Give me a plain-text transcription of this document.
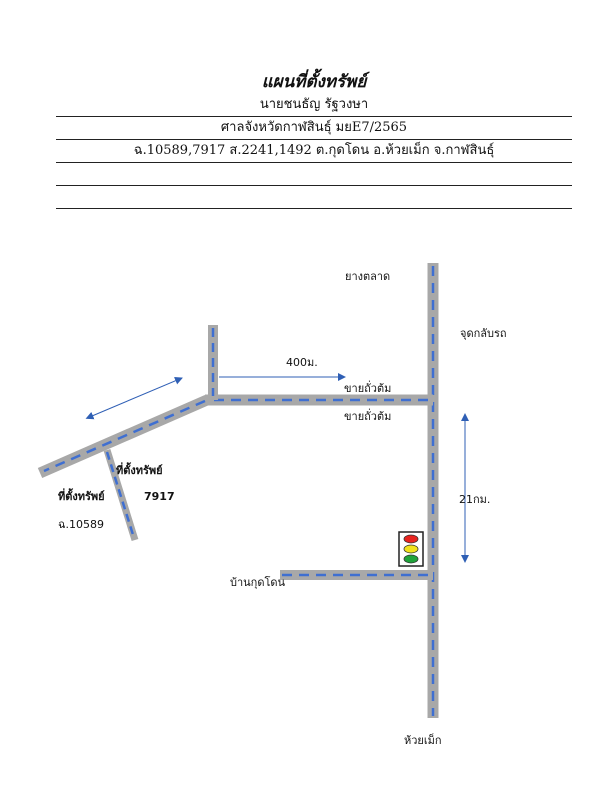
แผนที่ตั้งทรัพย์
นายชนธัญ รัฐวงษา
ศาลจังหวัดกาฬสินธุ์ มยE7/2565
ฉ.10589,7917 ส.2241,1492 ต.กุดโดน อ.ห้วยเม็ก จ.กาฬสินธุ์
ยางตลาด
จุดกลับรถ
400ม.
ขายถั่วต้ม
ขายถั่วต้ม
ที่ตั้งทรัพย์
7917
ที่ตั้งทรัพย์
ฉ.10589
21กม.
บ้านกุดโดน
ห้วยเม็ก
